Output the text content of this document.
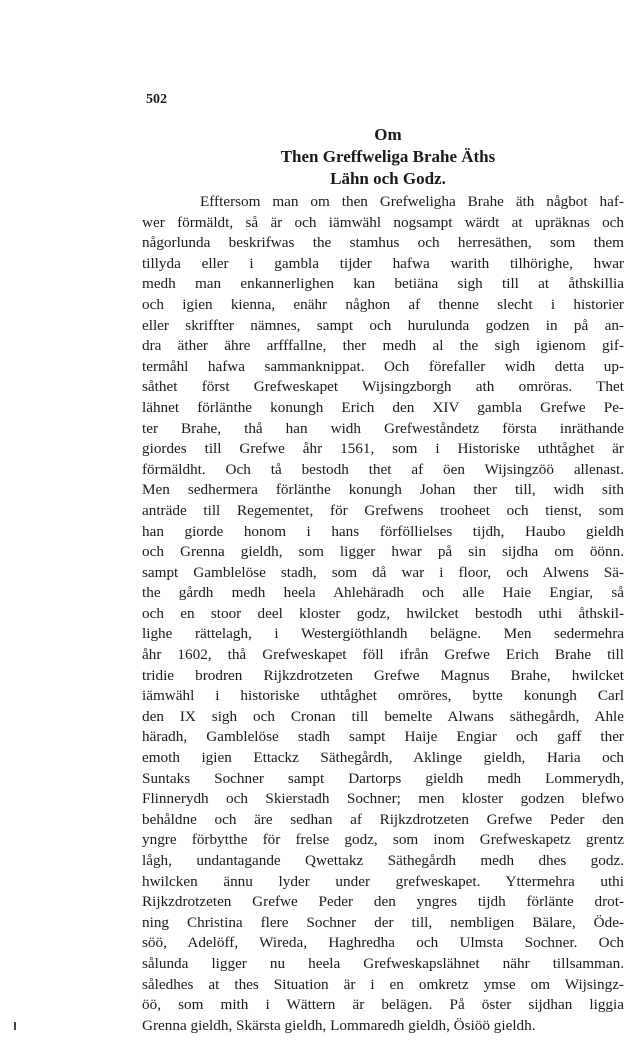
502
Om
Then Greffweliga Brahe Äths
Lähn och Godz.
Efftersom man om then Grefweligha Brahe äth någbot haf-
wer förmäldt, så är och iämwähl nogsampt wärdt at upräknas och
någorlunda beskrifwas the stamhus och herresäthen, som them
tillyda eller i gambla tijder hafwa warith tilhörighe, hwar
medh man enkannerlighen kan betiäna sigh till at åthskillia
och igien kienna, enähr någhon af thenne slecht i historier
eller skriffter nämnes, sampt och hurulunda godzen in på an-
dra äther ähre arfffallne, ther medh al the sigh igienom gif-
termåhl hafwa sammanknippat. Och förefaller widh detta up-
såthet först Grefweskapet Wijsingzborgh ath omröras. Thet
lähnet förlänthe konungh Erich den XIV gambla Grefwe Pe-
ter Brahe, thå han widh Grefweståndetz första inräthande
giordes till Grefwe åhr 1561, som i Historiske uthtåghet är
förmäldht. Och tå bestodh thet af öen Wijsingzöö allenast.
Men sedhermera förlänthe konungh Johan ther till, widh sith
anträde till Regementet, för Grefwens trooheet och tienst, som
han giorde honom i hans förföllielses tijdh, Haubo gieldh
och Grenna gieldh, som ligger hwar på sin sijdha om öönn.
sampt Gamblelöse stadh, som då war i floor, och Alwens Sä-
the gårdh medh heela Ahlehäradh och alle Haie Engiar, så
och en stoor deel kloster godz, hwilcket bestodh uthi åthskil-
lighe rättelagh, i Westergiöthlandh belägne. Men sedermehra
åhr 1602, thå Grefweskapet föll ifrån Grefwe Erich Brahe till
tridie brodren Rijkzdrotzeten Grefwe Magnus Brahe, hwilcket
iämwähl i historiske uthtåghet omröres, bytte konungh Carl
den IX sigh och Cronan till bemelte Alwans säthegårdh, Ahle
häradh, Gamblelöse stadh sampt Haije Engiar och gaff ther
emoth igien Ettackz Säthegårdh, Aklinge gieldh, Haria och
Suntaks Sochner sampt Dartorps gieldh medh Lommerydh,
Flinnerydh och Skierstadh Sochner; men kloster godzen blefwo
behåldne och äre sedhan af Rijkzdrotzeten Grefwe Peder den
yngre förbytthe för frelse godz, som inom Grefweskapetz grentz
lågh, undantagande Qwettakz Säthegårdh medh dhes godz.
hwilcken ännu lyder under grefweskapet. Yttermehra uthi
Rijkzdrotzeten Grefwe Peder den yngres tijdh förlänte drot-
ning Christina flere Sochner der till, nembligen Bälare, Öde-
söö, Adelöff, Wireda, Haghredha och Ulmsta Sochner. Och
sålunda ligger nu heela Grefweskapslähnet nähr tillsamman.
såledhes at thes Situation är i en omkretz ymse om Wijsingz-
öö, som mith i Wättern är belägen. På öster sijdhan liggia
Grenna gieldh, Skärsta gieldh, Lommaredh gieldh, Ösiöö gieldh.
